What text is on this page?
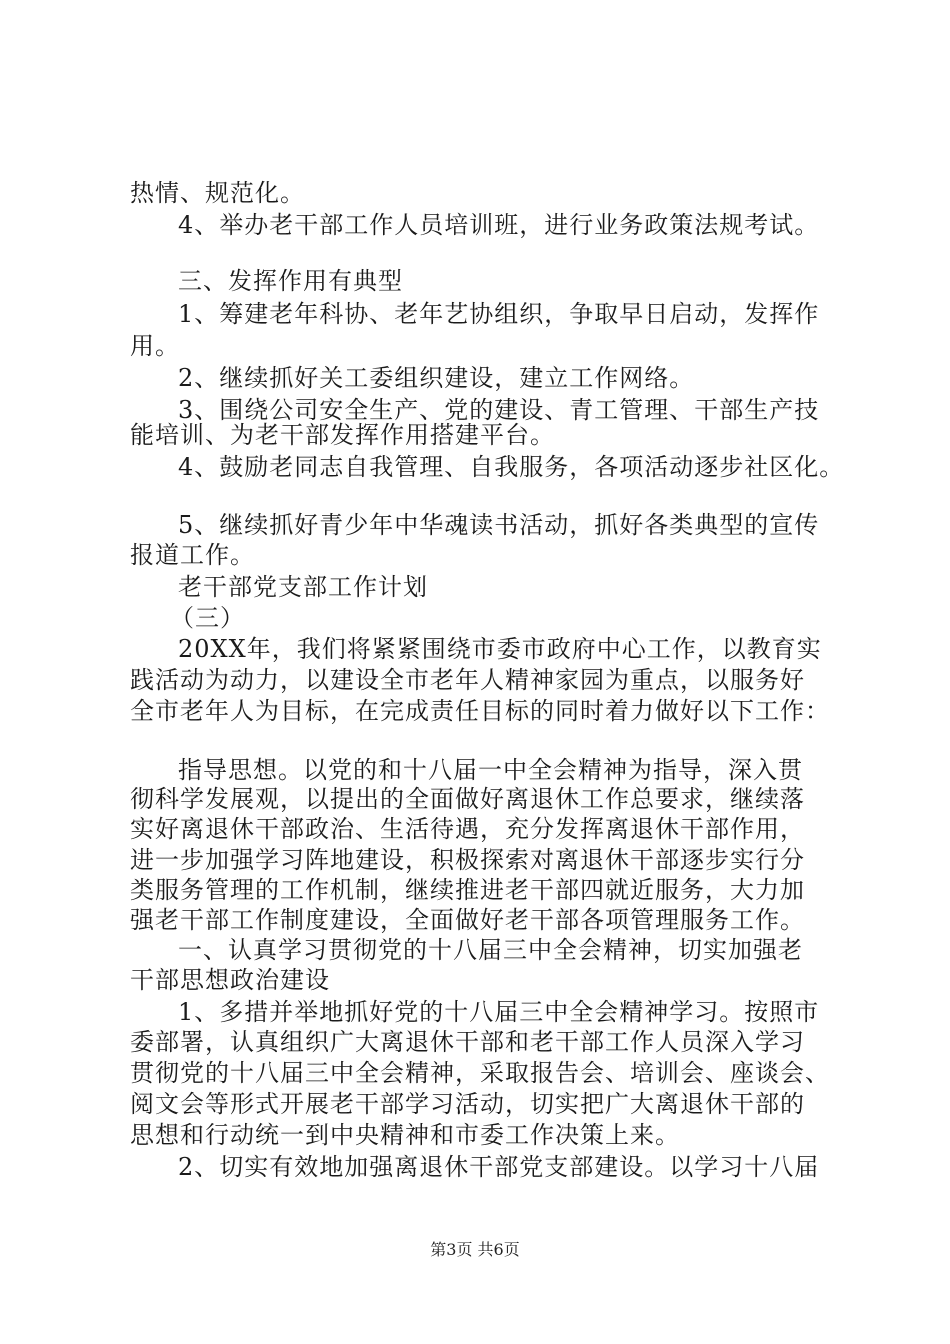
热情、规范化。
4、举办老干部工作人员培训班，进行业务政策法规考试。
三、发挥作用有典型
1、筹建老年科协、老年艺协组织，争取早日启动，发挥作
用。
2、继续抓好关工委组织建设，建立工作网络。
3、围绕公司安全生产、党的建设、青工管理、干部生产技
能培训、为老干部发挥作用搭建平台。
4、鼓励老同志自我管理、自我服务，各项活动逐步社区化。
5、继续抓好青少年中华魂读书活动，抓好各类典型的宣传
报道工作。
老干部党支部工作计划
（三）
20XX年，我们将紧紧围绕市委市政府中心工作，以教育实
践活动为动力，以建设全市老年人精神家园为重点，以服务好
全市老年人为目标，在完成责任目标的同时着力做好以下工作：
指导思想。以党的和十八届一中全会精神为指导，深入贯
彻科学发展观，以提出的全面做好离退休工作总要求，继续落
实好离退休干部政治、生活待遇，充分发挥离退休干部作用，
进一步加强学习阵地建设，积极探索对离退休干部逐步实行分
类服务管理的工作机制，继续推进老干部四就近服务，大力加
强老干部工作制度建设，全面做好老干部各项管理服务工作。
一、认真学习贯彻党的十八届三中全会精神，切实加强老
干部思想政治建设
1、多措并举地抓好党的十八届三中全会精神学习。按照市
委部署，认真组织广大离退休干部和老干部工作人员深入学习
贯彻党的十八届三中全会精神，采取报告会、培训会、座谈会、
阅文会等形式开展老干部学习活动，切实把广大离退休干部的
思想和行动统一到中央精神和市委工作决策上来。
2、切实有效地加强离退休干部党支部建设。以学习十八届
第3页 共6页
